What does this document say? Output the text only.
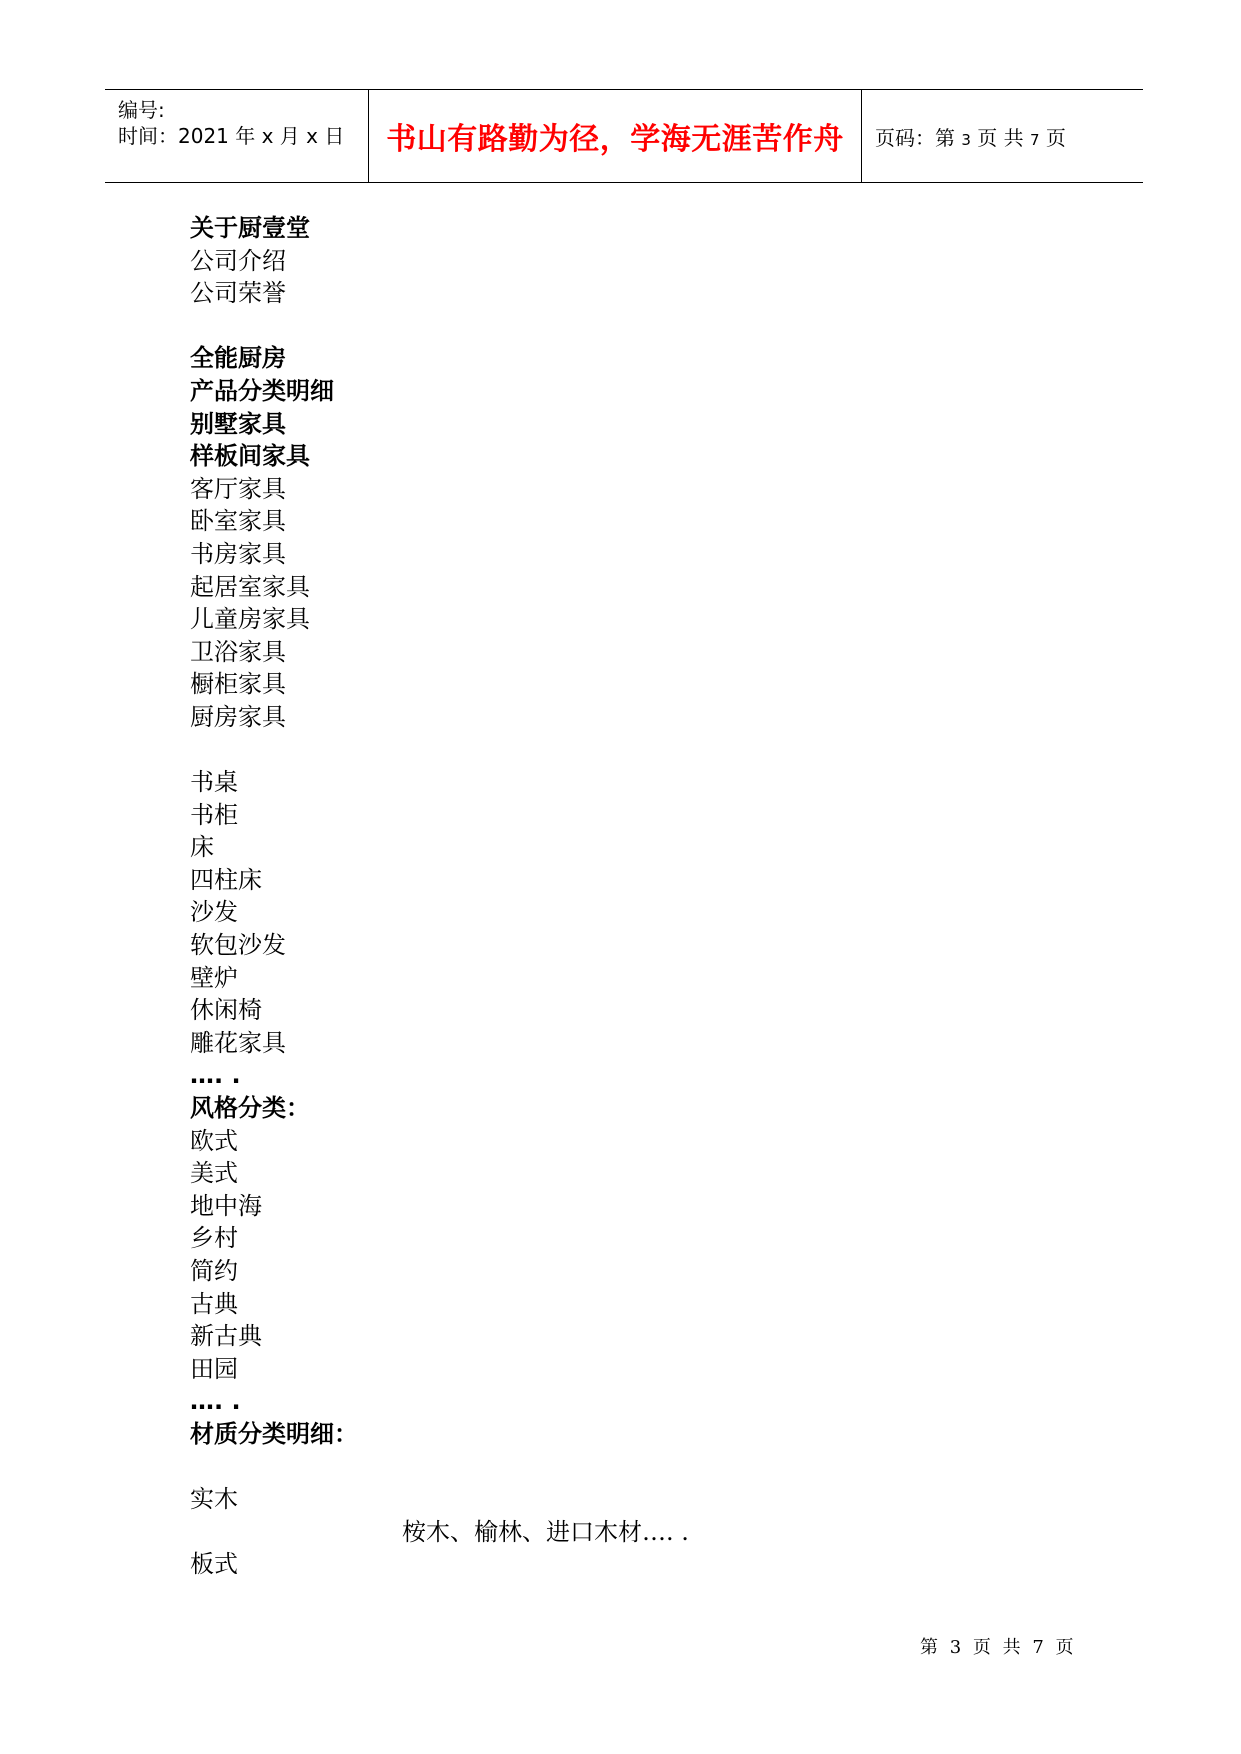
编号:
时间：2021 年 x 月 x 日 书山有路勤为径，学海无涯苦作舟 页码：第 3 页 共 7 页
关于厨壹堂
公司介绍
公司荣誉
全能厨房
产品分类明细
别墅家具
样板间家具
客厅家具
卧室家具
书房家具
起居室家具
儿童房家具
卫浴家具
橱柜家具
厨房家具
书桌
书柜
床
四柱床
沙发
软包沙发
壁炉
休闲椅
雕花家具
…. .
风格分类：
欧式
美式
地中海
乡村
简约
古典
新古典
田园
…. .
材质分类明细：
实木
桉木、榆林、进口木材…. .
板式
第 3 页 共 7 页
